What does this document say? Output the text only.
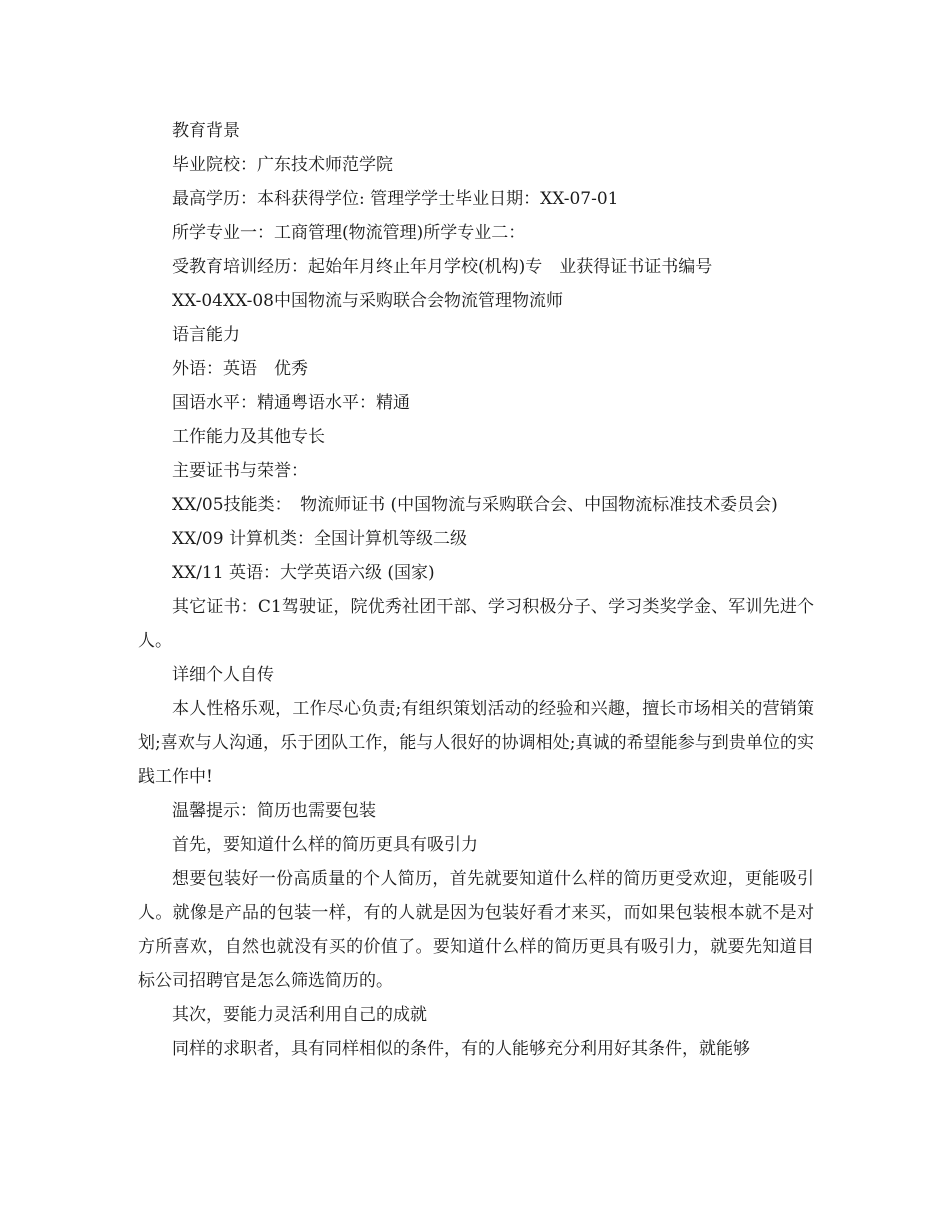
教育背景

毕业院校：广东技术师范学院

最高学历：本科获得学位: 管理学学士毕业日期：XX-07-01

所学专业一：工商管理(物流管理)所学专业二：

受教育培训经历：起始年月终止年月学校(机构)专　业获得证书证书编号

XX-04XX-08中国物流与采购联合会物流管理物流师

语言能力

外语：英语　优秀

国语水平：精通粤语水平：精通

工作能力及其他专长

主要证书与荣誉：

XX/05技能类：　物流师证书 (中国物流与采购联合会、中国物流标准技术委员会)

XX/09 计算机类：全国计算机等级二级

XX/11 英语：大学英语六级 (国家)

其它证书：C1驾驶证，院优秀社团干部、学习积极分子、学习类奖学金、军训先进个人。

详细个人自传

本人性格乐观，工作尽心负责;有组织策划活动的经验和兴趣，擅长市场相关的营销策划;喜欢与人沟通，乐于团队工作，能与人很好的协调相处;真诚的希望能参与到贵单位的实践工作中!

温馨提示：简历也需要包装

首先，要知道什么样的简历更具有吸引力

想要包装好一份高质量的个人简历，首先就要知道什么样的简历更受欢迎，更能吸引人。就像是产品的包装一样，有的人就是因为包装好看才来买，而如果包装根本就不是对方所喜欢，自然也就没有买的价值了。要知道什么样的简历更具有吸引力，就要先知道目标公司招聘官是怎么筛选简历的。

其次，要能力灵活利用自己的成就

同样的求职者，具有同样相似的条件，有的人能够充分利用好其条件，就能够
